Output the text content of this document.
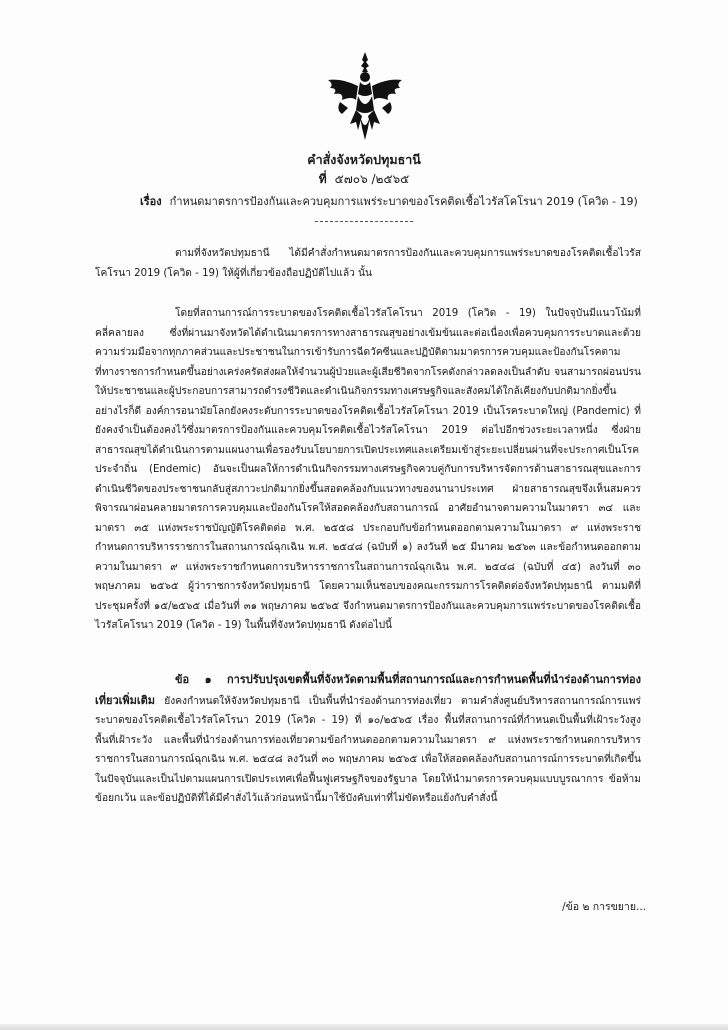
คำสั่งจังหวัดปทุมธานี
ที่ ๕๗๐๖ /๒๕๖๕
เรื่อง กำหนดมาตรการป้องกันและควบคุมการแพร่ระบาดของโรคติดเชื้อไวรัสโคโรนา 2019 (โควิด - 19)

ตามที่จังหวัดปทุมธานี ได้มีคำสั่งกำหนดมาตรการป้องกันและควบคุมการแพร่ระบาดของโรคติดเชื้อไวรัสโคโรนา 2019 (โควิด - 19) ให้ผู้ที่เกี่ยวข้องถือปฏิบัติไปแล้ว นั้น

โดยที่สถานการณ์การระบาดของโรคติดเชื้อไวรัสโคโรนา 2019 (โควิด - 19) ในปัจจุบันมีแนวโน้มที่คลี่คลายลง ซึ่งที่ผ่านมาจังหวัดได้ดำเนินมาตรการทางสาธารณสุขอย่างเข้มข้นและต่อเนื่องเพื่อควบคุมการระบาดและด้วยความร่วมมือจากทุกภาคส่วนและประชาชนในการเข้ารับการฉีดวัคซีนและปฏิบัติตามมาตรการควบคุมและป้องกันโรคตามที่ทางราชการกำหนดขึ้นอย่างเคร่งครัดส่งผลให้จำนวนผู้ป่วยและผู้เสียชีวิตจากโรคดังกล่าวลดลงเป็นลำดับ จนสามารถผ่อนปรนให้ประชาชนและผู้ประกอบการสามารถดำรงชีวิตและดำเนินกิจกรรมทางเศรษฐกิจและสังคมได้ใกล้เคียงกับปกติมากยิ่งขึ้นอย่างไรก็ดี องค์การอนามัยโลกยังคงระดับการระบาดของโรคติดเชื้อไวรัสโคโรนา 2019 เป็นโรคระบาดใหญ่ (Pandemic) ที่ยังคงจำเป็นต้องคงไว้ซึ่งมาตรการป้องกันและควบคุมโรคติดเชื้อไวรัสโคโรนา 2019 ต่อไปอีกช่วงระยะเวลาหนึ่ง ซึ่งฝ่ายสาธารณสุขได้ดำเนินการตามแผนงานเพื่อรองรับนโยบายการเปิดประเทศและเตรียมเข้าสู่ระยะเปลี่ยนผ่านที่จะประกาศเป็นโรคประจำถิ่น (Endemic) อันจะเป็นผลให้การดำเนินกิจกรรมทางเศรษฐกิจควบคู่กับการบริหารจัดการด้านสาธารณสุขและการดำเนินชีวิตของประชาชนกลับสู่สภาวะปกติมากยิ่งขึ้นสอดคล้องกับแนวทางของนานาประเทศ ฝ่ายสาธารณสุขจึงเห็นสมควรพิจารณาผ่อนคลายมาตรการควบคุมและป้องกันโรคให้สอดคล้องกับสถานการณ์ อาศัยอำนาจตามความในมาตรา ๓๔ และมาตรา ๓๕ แห่งพระราชบัญญัติโรคติดต่อ พ.ศ. ๒๕๕๘ ประกอบกับข้อกำหนดออกตามความในมาตรา ๙ แห่งพระราชกำหนดการบริหารราชการในสถานการณ์ฉุกเฉิน พ.ศ. ๒๕๔๘ (ฉบับที่ ๑) ลงวันที่ ๒๕ มีนาคม ๒๕๖๓ และข้อกำหนดออกตามความในมาตรา ๙ แห่งพระราชกำหนดการบริหารราชการในสถานการณ์ฉุกเฉิน พ.ศ. ๒๕๔๘ (ฉบับที่ ๔๕) ลงวันที่ ๓๐ พฤษภาคม ๒๕๖๕ ผู้ว่าราชการจังหวัดปทุมธานี โดยความเห็นชอบของคณะกรรมการโรคติดต่อจังหวัดปทุมธานี ตามมติที่ประชุมครั้งที่ ๑๕/๒๕๖๕ เมื่อวันที่ ๓๑ พฤษภาคม ๒๕๖๕ จึงกำหนดมาตรการป้องกันและควบคุมการแพร่ระบาดของโรคติดเชื้อไวรัสโคโรนา 2019 (โควิด - 19) ในพื้นที่จังหวัดปทุมธานี ดังต่อไปนี้

ข้อ ๑ การปรับปรุงเขตพื้นที่จังหวัดตามพื้นที่สถานการณ์และการกำหนดพื้นที่นำร่องด้านการท่องเที่ยวเพิ่มเติม ยังคงกำหนดให้จังหวัดปทุมธานี เป็นพื้นที่นำร่องด้านการท่องเที่ยว ตามคำสั่งศูนย์บริหารสถานการณ์การแพร่ระบาดของโรคติดเชื้อไวรัสโคโรนา 2019 (โควิด - 19) ที่ ๑๐/๒๕๖๕ เรื่อง พื้นที่สถานการณ์ที่กำหนดเป็นพื้นที่เฝ้าระวังสูง พื้นที่เฝ้าระวัง และพื้นที่นำร่องด้านการท่องเที่ยวตามข้อกำหนดออกตามความในมาตรา ๙ แห่งพระราชกำหนดการบริหารราชการในสถานการณ์ฉุกเฉิน พ.ศ. ๒๕๔๘ ลงวันที่ ๓๐ พฤษภาคม ๒๕๖๕ เพื่อให้สอดคล้องกับสถานการณ์การระบาดที่เกิดขึ้นในปัจจุบันและเป็นไปตามแผนการเปิดประเทศเพื่อฟื้นฟูเศรษฐกิจของรัฐบาล โดยให้นำมาตรการควบคุมแบบบูรณาการ ข้อห้าม ข้อยกเว้น และข้อปฏิบัติที่ได้มีคำสั่งไว้แล้วก่อนหน้านี้มาใช้บังคับเท่าที่ไม่ขัดหรือแย้งกับคำสั่งนี้

/ข้อ ๒ การขยาย...
